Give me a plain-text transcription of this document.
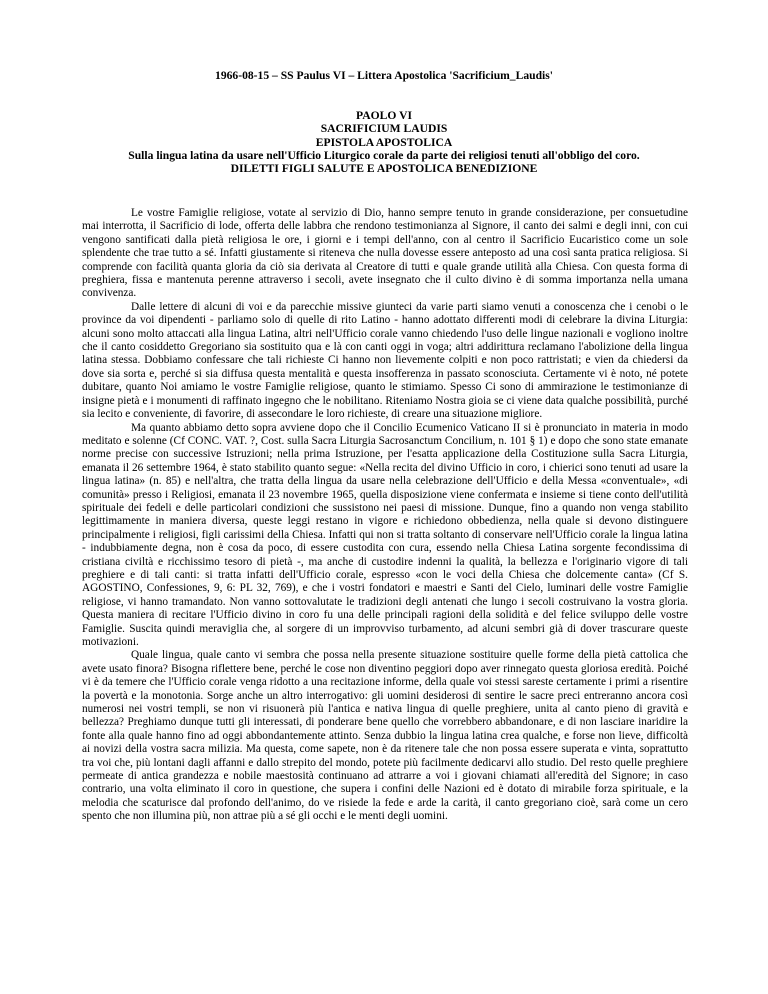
1966-08-15 – SS Paulus VI – Littera Apostolica 'Sacrificium_Laudis'
PAOLO VI
SACRIFICIUM LAUDIS
EPISTOLA APOSTOLICA
Sulla lingua latina da usare nell'Ufficio Liturgico corale da parte dei religiosi tenuti all'obbligo del coro.
DILETTI FIGLI SALUTE E APOSTOLICA BENEDIZIONE

Le vostre Famiglie religiose, votate al servizio di Dio, hanno sempre tenuto in grande considerazione, per consuetudine mai interrotta, il Sacrificio di lode, offerta delle labbra che rendono testimonianza al Signore, il canto dei salmi e degli inni, con cui vengono santificati dalla pietà religiosa le ore, i giorni e i tempi dell'anno, con al centro il Sacrificio Eucaristico come un sole splendente che trae tutto a sé. Infatti giustamente si riteneva che nulla dovesse essere anteposto ad una così santa pratica religiosa. Si comprende con facilità quanta gloria da ciò sia derivata al Creatore di tutti e quale grande utilità alla Chiesa. Con questa forma di preghiera, fissa e mantenuta perenne attraverso i secoli, avete insegnato che il culto divino è di somma importanza nella umana convivenza.

Dalle lettere di alcuni di voi e da parecchie missive giunteci da varie parti siamo venuti a conoscenza che i cenobi o le province da voi dipendenti - parliamo solo di quelle di rito Latino - hanno adottato differenti modi di celebrare la divina Liturgia: alcuni sono molto attaccati alla lingua Latina, altri nell'Ufficio corale vanno chiedendo l'uso delle lingue nazionali e vogliono inoltre che il canto cosiddetto Gregoriano sia sostituito qua e là con canti oggi in voga; altri addirittura reclamano l'abolizione della lingua latina stessa. Dobbiamo confessare che tali richieste Ci hanno non lievemente colpiti e non poco rattristati; e vien da chiedersi da dove sia sorta e, perché si sia diffusa questa mentalità e questa insofferenza in passato sconosciuta. Certamente vi è noto, né potete dubitare, quanto Noi amiamo le vostre Famiglie religiose, quanto le stimiamo. Spesso Ci sono di ammirazione le testimonianze di insigne pietà e i monumenti di raffinato ingegno che le nobilitano. Riteniamo Nostra gioia se ci viene data qualche possibilità, purché sia lecito e conveniente, di favorire, di assecondare le loro richieste, di creare una situazione migliore.

Ma quanto abbiamo detto sopra avviene dopo che il Concilio Ecumenico Vaticano II si è pronunciato in materia in modo meditato e solenne (Cf CONC. VAT. ?, Cost. sulla Sacra Liturgia Sacrosanctum Concilium, n. 101 § 1) e dopo che sono state emanate norme precise con successive Istruzioni; nella prima Istruzione, per l'esatta applicazione della Costituzione sulla Sacra Liturgia, emanata il 26 settembre 1964, è stato stabilito quanto segue: «Nella recita del divino Ufficio in coro, i chierici sono tenuti ad usare la lingua latina» (n. 85) e nell'altra, che tratta della lingua da usare nella celebrazione dell'Ufficio e della Messa «conventuale», «di comunità» presso i Religiosi, emanata il 23 novembre 1965, quella disposizione viene confermata e insieme si tiene conto dell'utilità spirituale dei fedeli e delle particolari condizioni che sussistono nei paesi di missione. Dunque, fino a quando non venga stabilito legittimamente in maniera diversa, queste leggi restano in vigore e richiedono obbedienza, nella quale si devono distinguere principalmente i religiosi, figli carissimi della Chiesa. Infatti qui non si tratta soltanto di conservare nell'Ufficio corale la lingua latina - indubbiamente degna, non è cosa da poco, di essere custodita con cura, essendo nella Chiesa Latina sorgente fecondissima di cristiana civiltà e ricchissimo tesoro di pietà -, ma anche di custodire indenni la qualità, la bellezza e l'originario vigore di tali preghiere e di tali canti: si tratta infatti dell'Ufficio corale, espresso «con le voci della Chiesa che dolcemente canta» (Cf S. AGOSTINO, Confessiones, 9, 6: PL 32, 769), e che i vostri fondatori e maestri e Santi del Cielo, luminari delle vostre Famiglie religiose, vi hanno tramandato. Non vanno sottovalutate le tradizioni degli antenati che lungo i secoli costruivano la vostra gloria. Questa maniera di recitare l'Ufficio divino in coro fu una delle principali ragioni della solidità e del felice sviluppo delle vostre Famiglie. Suscita quindi meraviglia che, al sorgere di un improvviso turbamento, ad alcuni sembri già di dover trascurare queste motivazioni.

Quale lingua, quale canto vi sembra che possa nella presente situazione sostituire quelle forme della pietà cattolica che avete usato finora? Bisogna riflettere bene, perché le cose non diventino peggiori dopo aver rinnegato questa gloriosa eredità. Poiché vi è da temere che l'Ufficio corale venga ridotto a una recitazione informe, della quale voi stessi sareste certamente i primi a risentire la povertà e la monotonia. Sorge anche un altro interrogativo: gli uomini desiderosi di sentire le sacre preci entreranno ancora così numerosi nei vostri templi, se non vi risuonerà più l'antica e nativa lingua di quelle preghiere, unita al canto pieno di gravità e bellezza? Preghiamo dunque tutti gli interessati, di ponderare bene quello che vorrebbero abbandonare, e di non lasciare inaridire la fonte alla quale hanno fino ad oggi abbondantemente attinto. Senza dubbio la lingua latina crea qualche, e forse non lieve, difficoltà ai novizi della vostra sacra milizia. Ma questa, come sapete, non è da ritenere tale che non possa essere superata e vinta, soprattutto tra voi che, più lontani dagli affanni e dallo strepito del mondo, potete più facilmente dedicarvi allo studio. Del resto quelle preghiere permeate di antica grandezza e nobile maestosità continuano ad attrarre a voi i giovani chiamati all'eredità del Signore; in caso contrario, una volta eliminato il coro in questione, che supera i confini delle Nazioni ed è dotato di mirabile forza spirituale, e la melodia che scaturisce dal profondo dell'animo, do ve risiede la fede e arde la carità, il canto gregoriano cioè, sarà come un cero spento che non illumina più, non attrae più a sé gli occhi e le menti degli uomini.
